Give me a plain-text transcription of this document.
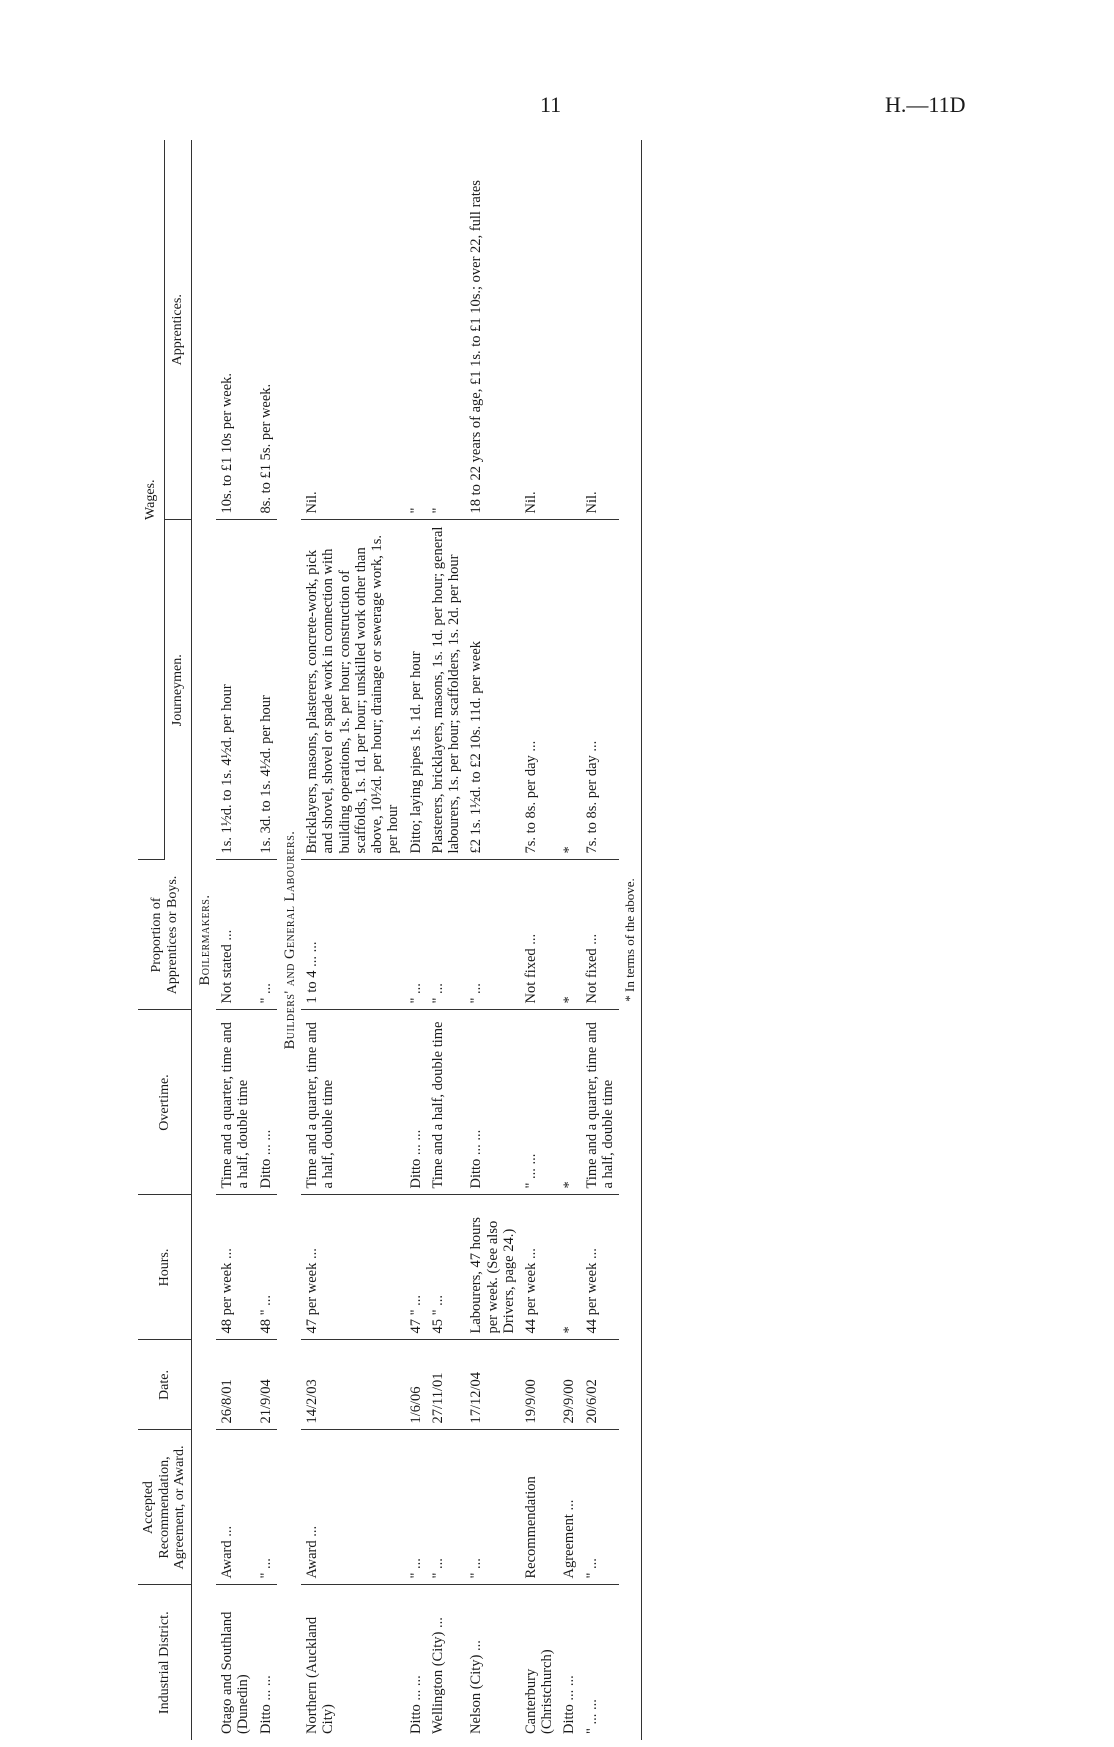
11	H.—11D
Industrial District.	Accepted Recommendation, Agreement, or Award.	Date.	Hours.	Overtime.	Proportion of Apprentices or Boys.	Wages.	
						Journeymen.	Apprentices.
Boilermakers.							
Otago and Southland (Dunedin)	Award ...	26/8/01	48 per week ...	Time and a quarter, time and a half, double time	Not stated ...	1s. 1½d. to 1s. 4½d. per hour	10s. to £1 10s per week.
Ditto ... ...	" ...	21/9/04	48 " ...	Ditto ... ...	" ...	1s. 3d. to 1s. 4½d. per hour	8s. to £1 5s. per week.
Builders' and General Labourers.							
Northern (Auckland City)	Award ...	14/2/03	47 per week ...	Time and a quarter, time and a half, double time	1 to 4 ... ...	Bricklayers, masons, plasterers, concrete-work, pick and shovel, shovel or spade work in connection with building operations, 1s. per hour; construction of scaffolds, 1s. 1d. per hour; unskilled work other than above, 10½d. per hour; drainage or sewerage work, 1s. per hour	Nil.
Ditto ... ...	" ...	1/6/06	47 " ...	Ditto ... ...	" ...	Ditto; laying pipes 1s. 1d. per hour	"
Wellington (City) ...	" ...	27/11/01	45 " ...	Time and a half, double time	" ...	Plasterers, bricklayers, masons, 1s. 1d. per hour; general labourers, 1s. per hour; scaffolders, 1s. 2d. per hour	"
Nelson (City) ...	" ...	17/12/04	Labourers, 47 hours per week. (See also Drivers, page 24.)	Ditto ... ...	" ...	£2 1s. 1½d. to £2 10s. 11d. per week	18 to 22 years of age, £1 1s. to £1 10s.; over 22, full rates
Canterbury (Christchurch)	Recommendation	19/9/00	44 per week ...	" ... ...	Not fixed ...	7s. to 8s. per day ...	Nil.
Ditto ... ...	Agreement ...	29/9/00	*	*	*	*	
" ... ...	" ...	20/6/02	44 per week ...	Time and a quarter, time and a half, double time	Not fixed ...	7s. to 8s. per day ...	Nil.
* In terms of the above.							
